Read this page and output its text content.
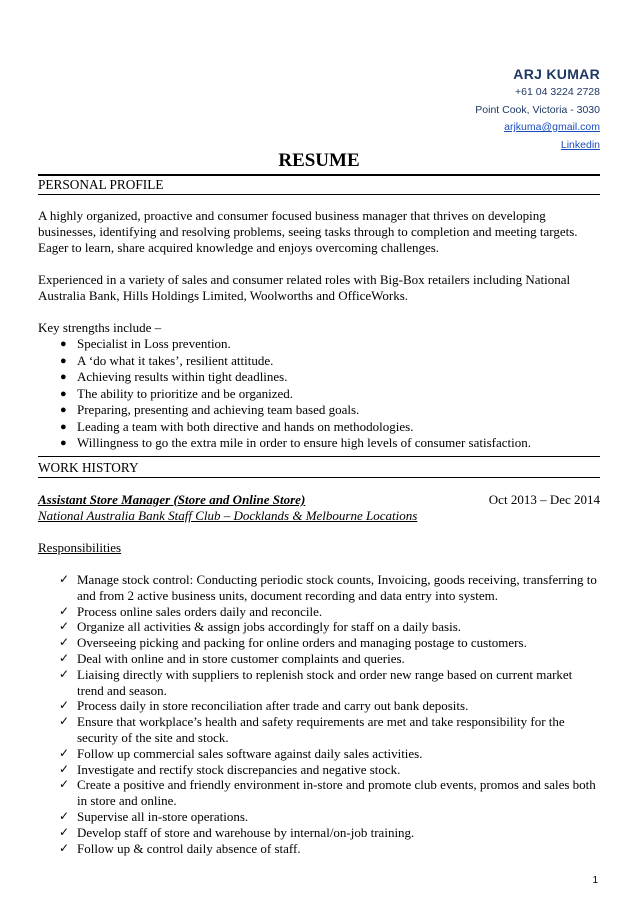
ARJ KUMAR
+61 04 3224 2728
Point Cook, Victoria - 3030
arjkuma@gmail.com
Linkedin
RESUME
PERSONAL PROFILE

A highly organized, proactive and consumer focused business manager that thrives on developing businesses, identifying and resolving problems, seeing tasks through to completion and meeting targets. Eager to learn, share acquired knowledge and enjoys overcoming challenges.

Experienced in a variety of sales and consumer related roles with Big-Box retailers including National Australia Bank, Hills Holdings Limited, Woolworths and OfficeWorks.

Key strengths include –

● Specialist in Loss prevention.
● A ‘do what it takes’, resilient attitude.
● Achieving results within tight deadlines.
● The ability to prioritize and be organized.
● Preparing, presenting and achieving team based goals.
● Leading a team with both directive and hands on methodologies.
● Willingness to go the extra mile in order to ensure high levels of consumer satisfaction.
WORK HISTORY
Assistant Store Manager (Store and Online Store)	Oct 2013 – Dec 2014
National Australia Bank Staff Club – Docklands & Melbourne Locations
Responsibilities
✓ Manage stock control: Conducting periodic stock counts, Invoicing, goods receiving, transferring to and from 2 active business units, document recording and data entry into system.
✓ Process online sales orders daily and reconcile.
✓ Organize all activities & assign jobs accordingly for staff on a daily basis.
✓ Overseeing picking and packing for online orders and managing postage to customers.
✓ Deal with online and in store customer complaints and queries.
✓ Liaising directly with suppliers to replenish stock and order new range based on current market trend and season.
✓ Process daily in store reconciliation after trade and carry out bank deposits.
✓ Ensure that workplace’s health and safety requirements are met and take responsibility for the security of the site and stock.
✓ Follow up commercial sales software against daily sales activities.
✓ Investigate and rectify stock discrepancies and negative stock.
✓ Create a positive and friendly environment in-store and promote club events, promos and sales both in store and online.
✓ Supervise all in-store operations.
✓ Develop staff of store and warehouse by internal/on-job training.
✓ Follow up & control daily absence of staff.
1
